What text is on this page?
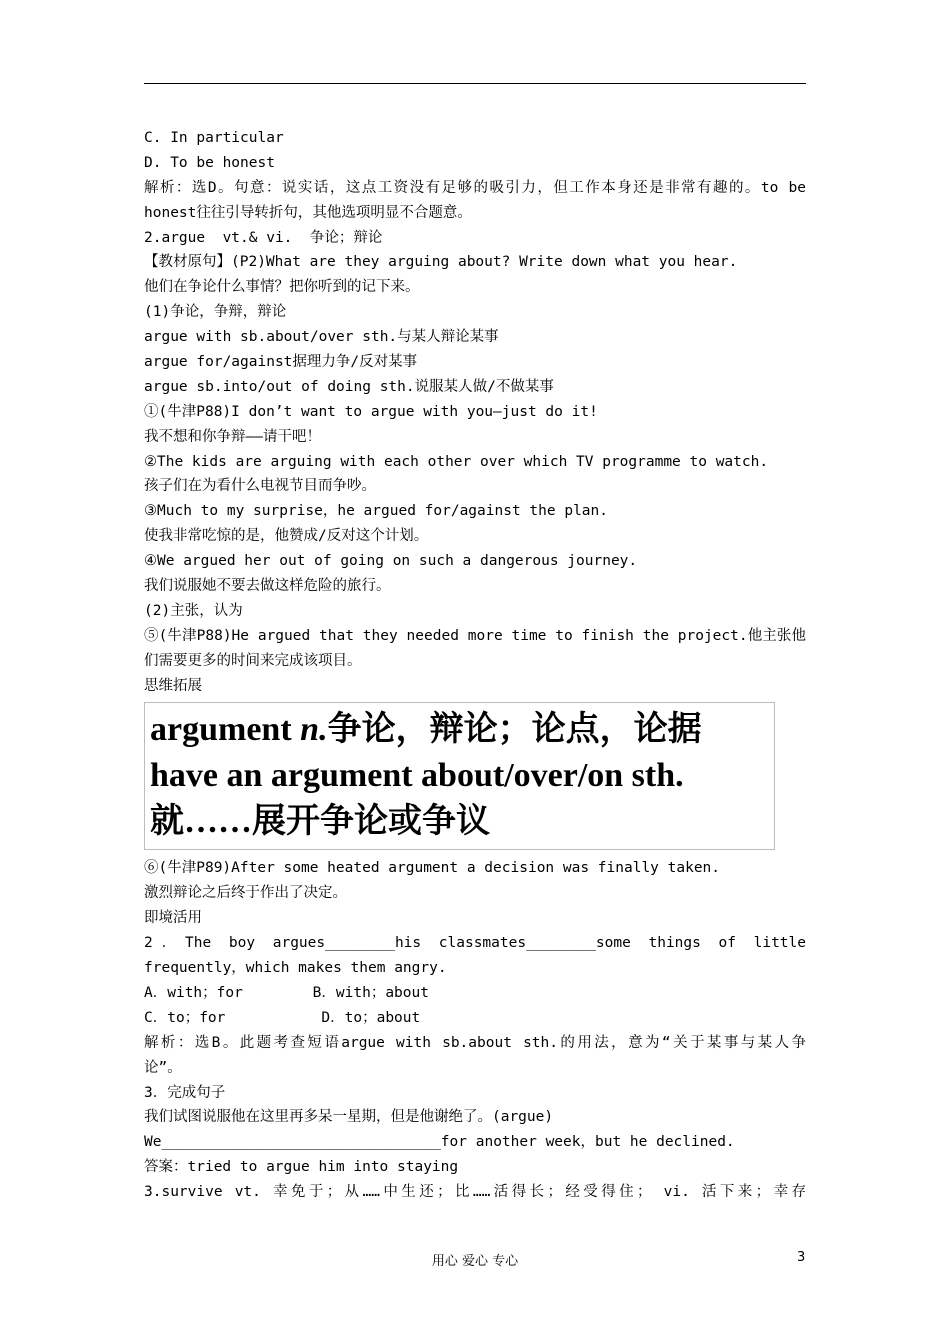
C. In particular
D. To be honest
解析：选D。句意：说实话，这点工资没有足够的吸引力，但工作本身还是非常有趣的。to be
honest往往引导转折句，其他选项明显不合题意。
2.argue  vt.& vi.  争论；辩论
【教材原句】(P2)What are they arguing about? Write down what you hear.
他们在争论什么事情？把你听到的记下来。
(1)争论，争辩，辩论
argue with sb.about/over sth.与某人辩论某事
argue for/against据理力争/反对某事
argue sb.into/out of doing sth.说服某人做/不做某事
①(牛津P88)I don’t want to argue with you—just do it!
我不想和你争辩——请干吧！
②The kids are arguing with each other over which TV programme to watch.
孩子们在为看什么电视节目而争吵。
③Much to my surprise，he argued for/against the plan.
使我非常吃惊的是，他赞成/反对这个计划。
④We argued her out of going on such a dangerous journey.
我们说服她不要去做这样危险的旅行。
(2)主张，认为
⑤(牛津P88)He argued that they needed more time to finish the project.他主张他
们需要更多的时间来完成该项目。
思维拓展
argument n.争论，辩论；论点，论据
have an argument about/over/on sth.
就……展开争论或争议
⑥(牛津P89)After some heated argument a decision was finally taken.
激烈辩论之后终于作出了决定。
即境活用
2．The boy argues________his classmates________some things of little
frequently，which makes them angry.
A．with；for        B．with；about
C．to；for           D．to；about
解析：选B。此题考查短语argue with sb.about sth.的用法，意为“关于某事与某人争
论”。
3．完成句子
我们试图说服他在这里再多呆一星期，但是他谢绝了。(argue)
We________________________________for another week，but he declined.
答案：tried to argue him into staying
3.survive vt. 幸免于；从……中生还；比……活得长；经受得住； vi. 活下来；幸存
用心 爱心 专心	3
